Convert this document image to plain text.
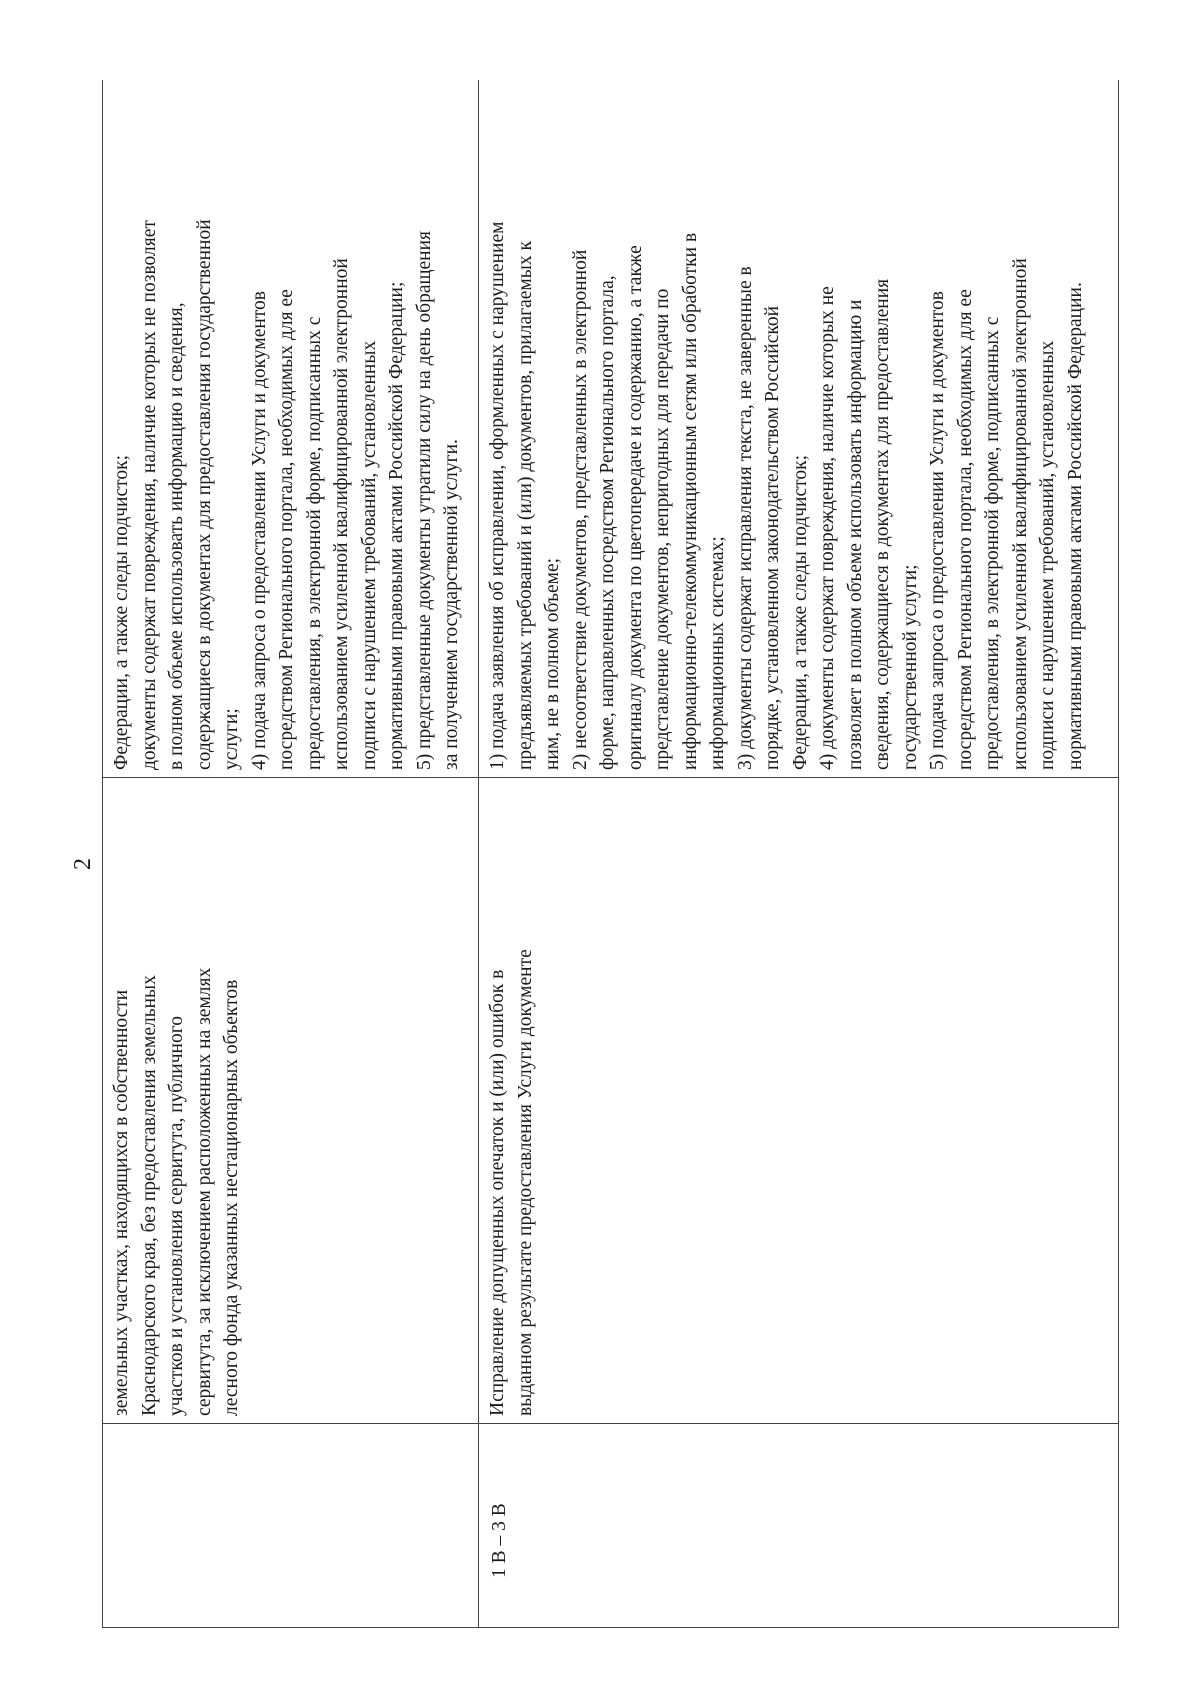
2
земельных участках, находящихся в собственности Краснодарского края, без предоставления земельных участков и установления сервитута, публичного сервитута, за исключением расположенных на землях лесного фонда указанных нестационарных объектов
Федерации, а также следы подчисток; документы содержат повреждения, наличие которых не позволяет в полном объеме использовать информацию и сведения, содержащиеся в документах для предоставления государственной услуги; 4) подача запроса о предоставлении Услуги и документов посредством Регионального портала, необходимых для ее предоставления, в электронной форме, подписанных с использованием усиленной квалифицированной электронной подписи с нарушением требований, установленных нормативными правовыми актами Российской Федерации; 5) представленные документы утратили силу на день обращения за получением государственной услуги.
1 В – 3 В
Исправление допущенных опечаток и (или) ошибок в выданном результате предоставления Услуги документе
1) подача заявления об исправлении, оформленных с нарушением предъявляемых требований и (или) документов, прилагаемых к ним, не в полном объеме; 2) несоответствие документов, представленных в электронной форме, направленных посредством Регионального портала, оригиналу документа по цветопередаче и содержанию, а также представление документов, непригодных для передачи по информационно-телекоммуникационным сетям или обработки в информационных системах; 3) документы содержат исправления текста, не заверенные в порядке, установленном законодательством Российской Федерации, а также следы подчисток; 4) документы содержат повреждения, наличие которых не позволяет в полном объеме использовать информацию и сведения, содержащиеся в документах для предоставления государственной услуги; 5) подача запроса о предоставлении Услуги и документов посредством Регионального портала, необходимых для ее предоставления, в электронной форме, подписанных с использованием усиленной квалифицированной электронной подписи с нарушением требований, установленных нормативными правовыми актами Российской Федерации.
